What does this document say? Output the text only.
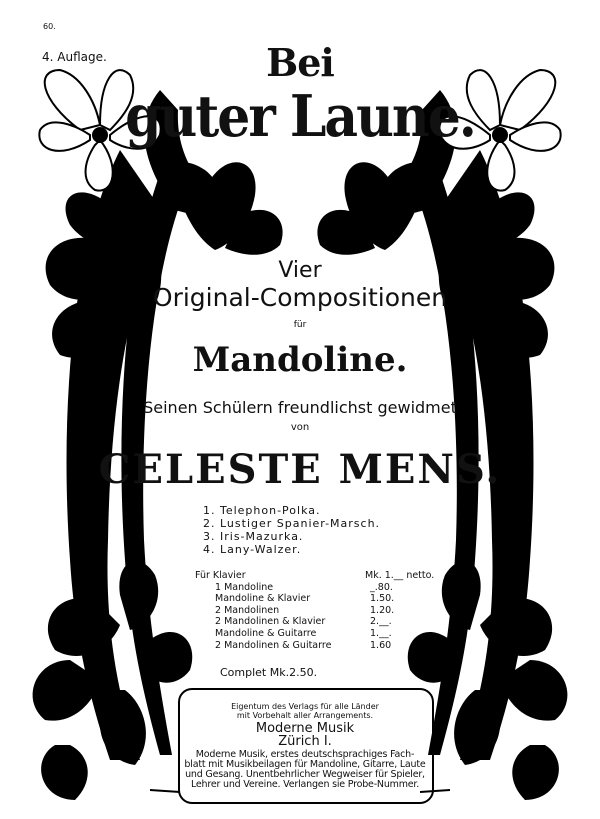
60.
4. Auflage.	Bei
guter Laune.
Vier
Original-Compositionen
für
Mandoline.
Seinen Schülern freundlichst gewidmet
von
CELESTE MENS.
1. Telephon-Polka.
2. Lustiger Spanier-Marsch.
3. Iris-Mazurka.
4. Lany-Walzer.
Für Klavier	Mk. 1.__ netto.
1 Mandoline	_.80.
Mandoline & Klavier	1.50.
2 Mandolinen	1.20.
2 Mandolinen & Klavier	2.__.
Mandoline & Guitarre	1.__.
2 Mandolinen & Guitarre	1.60
Complet Mk.2.50.
Eigentum des Verlags für alle Länder
mit Vorbehalt aller Arrangements.
Moderne Musik
Zürich I.
Moderne Musik, erstes deutschsprachiges Fach-
blatt mit Musikbeilagen für Mandoline, Gitarre, Laute
und Gesang. Unentbehrlicher Wegweiser für Spieler,
Lehrer und Vereine. Verlangen sie Probe-Nummer.
